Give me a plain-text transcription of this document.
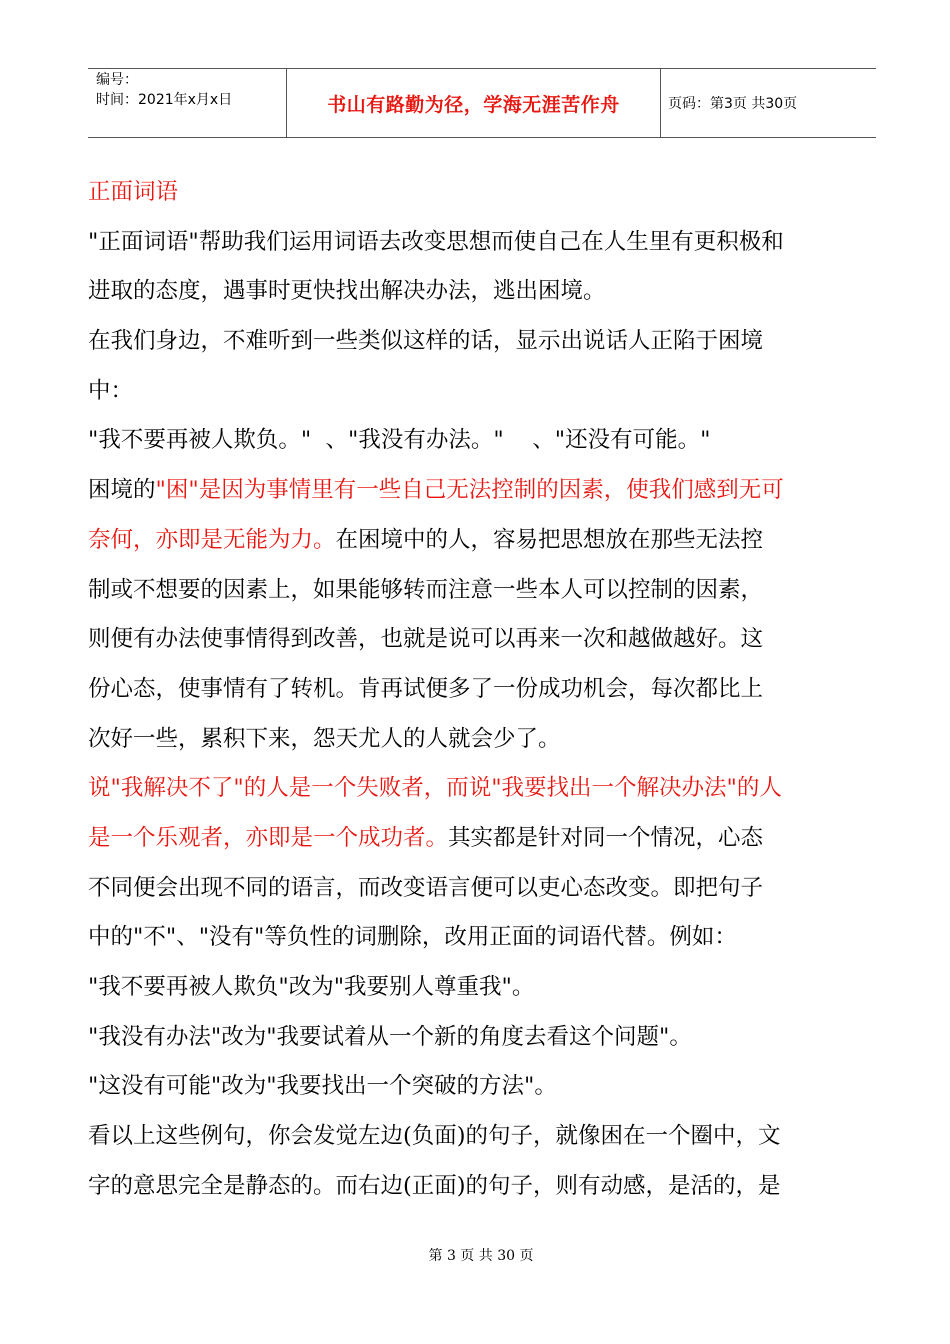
编号：
时间：2021年x月x日	书山有路勤为径，学海无涯苦作舟	页码：第3页 共30页
正面词语
"正面词语"帮助我们运用词语去改变思想而使自己在人生里有更积极和
进取的态度，遇事时更快找出解决办法，逃出困境。
在我们身边，不难听到一些类似这样的话，显示出说话人正陷于困境
中：
"我不要再被人欺负。"  、"我没有办法。"    、"还没有可能。"
困境的"困"是因为事情里有一些自己无法控制的因素，使我们感到无可
奈何，亦即是无能为力。在困境中的人，容易把思想放在那些无法控
制或不想要的因素上，如果能够转而注意一些本人可以控制的因素，
则便有办法使事情得到改善，也就是说可以再来一次和越做越好。这
份心态，使事情有了转机。肯再试便多了一份成功机会，每次都比上
次好一些，累积下来，怨天尤人的人就会少了。
说"我解决不了"的人是一个失败者，而说"我要找出一个解决办法"的人
是一个乐观者，亦即是一个成功者。其实都是针对同一个情况，心态
不同便会出现不同的语言，而改变语言便可以吏心态改变。即把句子
中的"不"、"没有"等负性的词删除，改用正面的词语代替。例如：
"我不要再被人欺负"改为"我要别人尊重我"。
"我没有办法"改为"我要试着从一个新的角度去看这个问题"。
"这没有可能"改为"我要找出一个突破的方法"。
看以上这些例句，你会发觉左边(负面)的句子，就像困在一个圈中，文
字的意思完全是静态的。而右边(正面)的句子，则有动感，是活的，是
第 3 页 共 30 页
